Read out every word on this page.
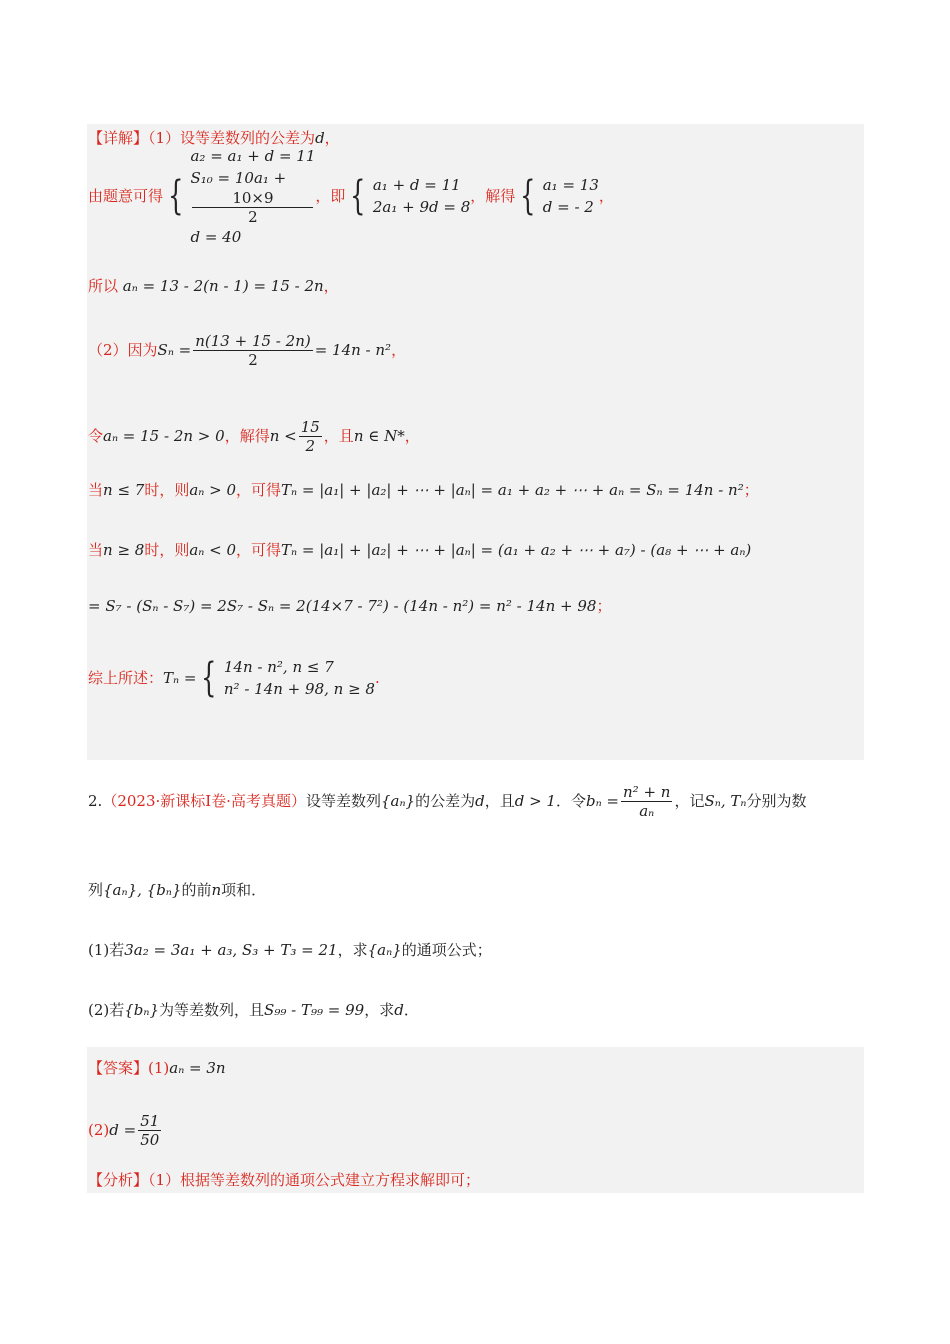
【详解】（1）设等差数列的公差为d，
由题意可得 {
a₂ = a₁ + d = 11
S₁₀ = 10a₁ +
10×9
2
d = 40
，即 { a₁ + d = 11
2a₁ + 9d = 8
，解得 { a₁ = 13
d = - 2
，
所以 aₙ = 13 - 2(n - 1) = 15 - 2n，
（2）因为 $S_n = \frac{n(13 + 15 - 2n)}{2} = 14n - n^2$ ，
令 aₙ = 15 - 2n > 0 ，解得 $n < \frac{15}{2}$ ，且 n ∈ N* ，
当n ≤ 7时，则aₙ > 0，可得Tₙ = |a₁| + |a₂| + ⋯ + |aₙ| = a₁ + a₂ + ⋯ + aₙ = Sₙ = 14n - n²；
当n ≥ 8时，则aₙ < 0，可得Tₙ = |a₁| + |a₂| + ⋯ + |aₙ| = (a₁ + a₂ + ⋯ + a₇) - (a₈ + ⋯ + aₙ)
= S₇ - (Sₙ - S₇) = 2S₇ - Sₙ = 2(14×7 - 7²) - (14n - n²) = n² - 14n + 98；
综上所述： Tₙ = { 14n - n², n ≤ 7
n² - 14n + 98, n ≥ 8
.
2. （2023·新课标Ⅰ卷·高考真题） 设等差数列 {aₙ} 的公差为 d ，且 d > 1 ．令 $b_n = \frac{\text{n² + n}}{\text{aₙ}}$ ，记 Sₙ, Tₙ 分别为数
列{aₙ}, {bₙ}的前n项和．
(1)若3a₂ = 3a₁ + a₃, S₃ + T₃ = 21，求{aₙ}的通项公式；
(2)若{bₙ}为等差数列，且S₉₉ - T₉₉ = 99，求d．
【答案】(1)aₙ = 3n
(2) $d = \frac{51}{50}$
【分析】（1）根据等差数列的通项公式建立方程求解即可；
